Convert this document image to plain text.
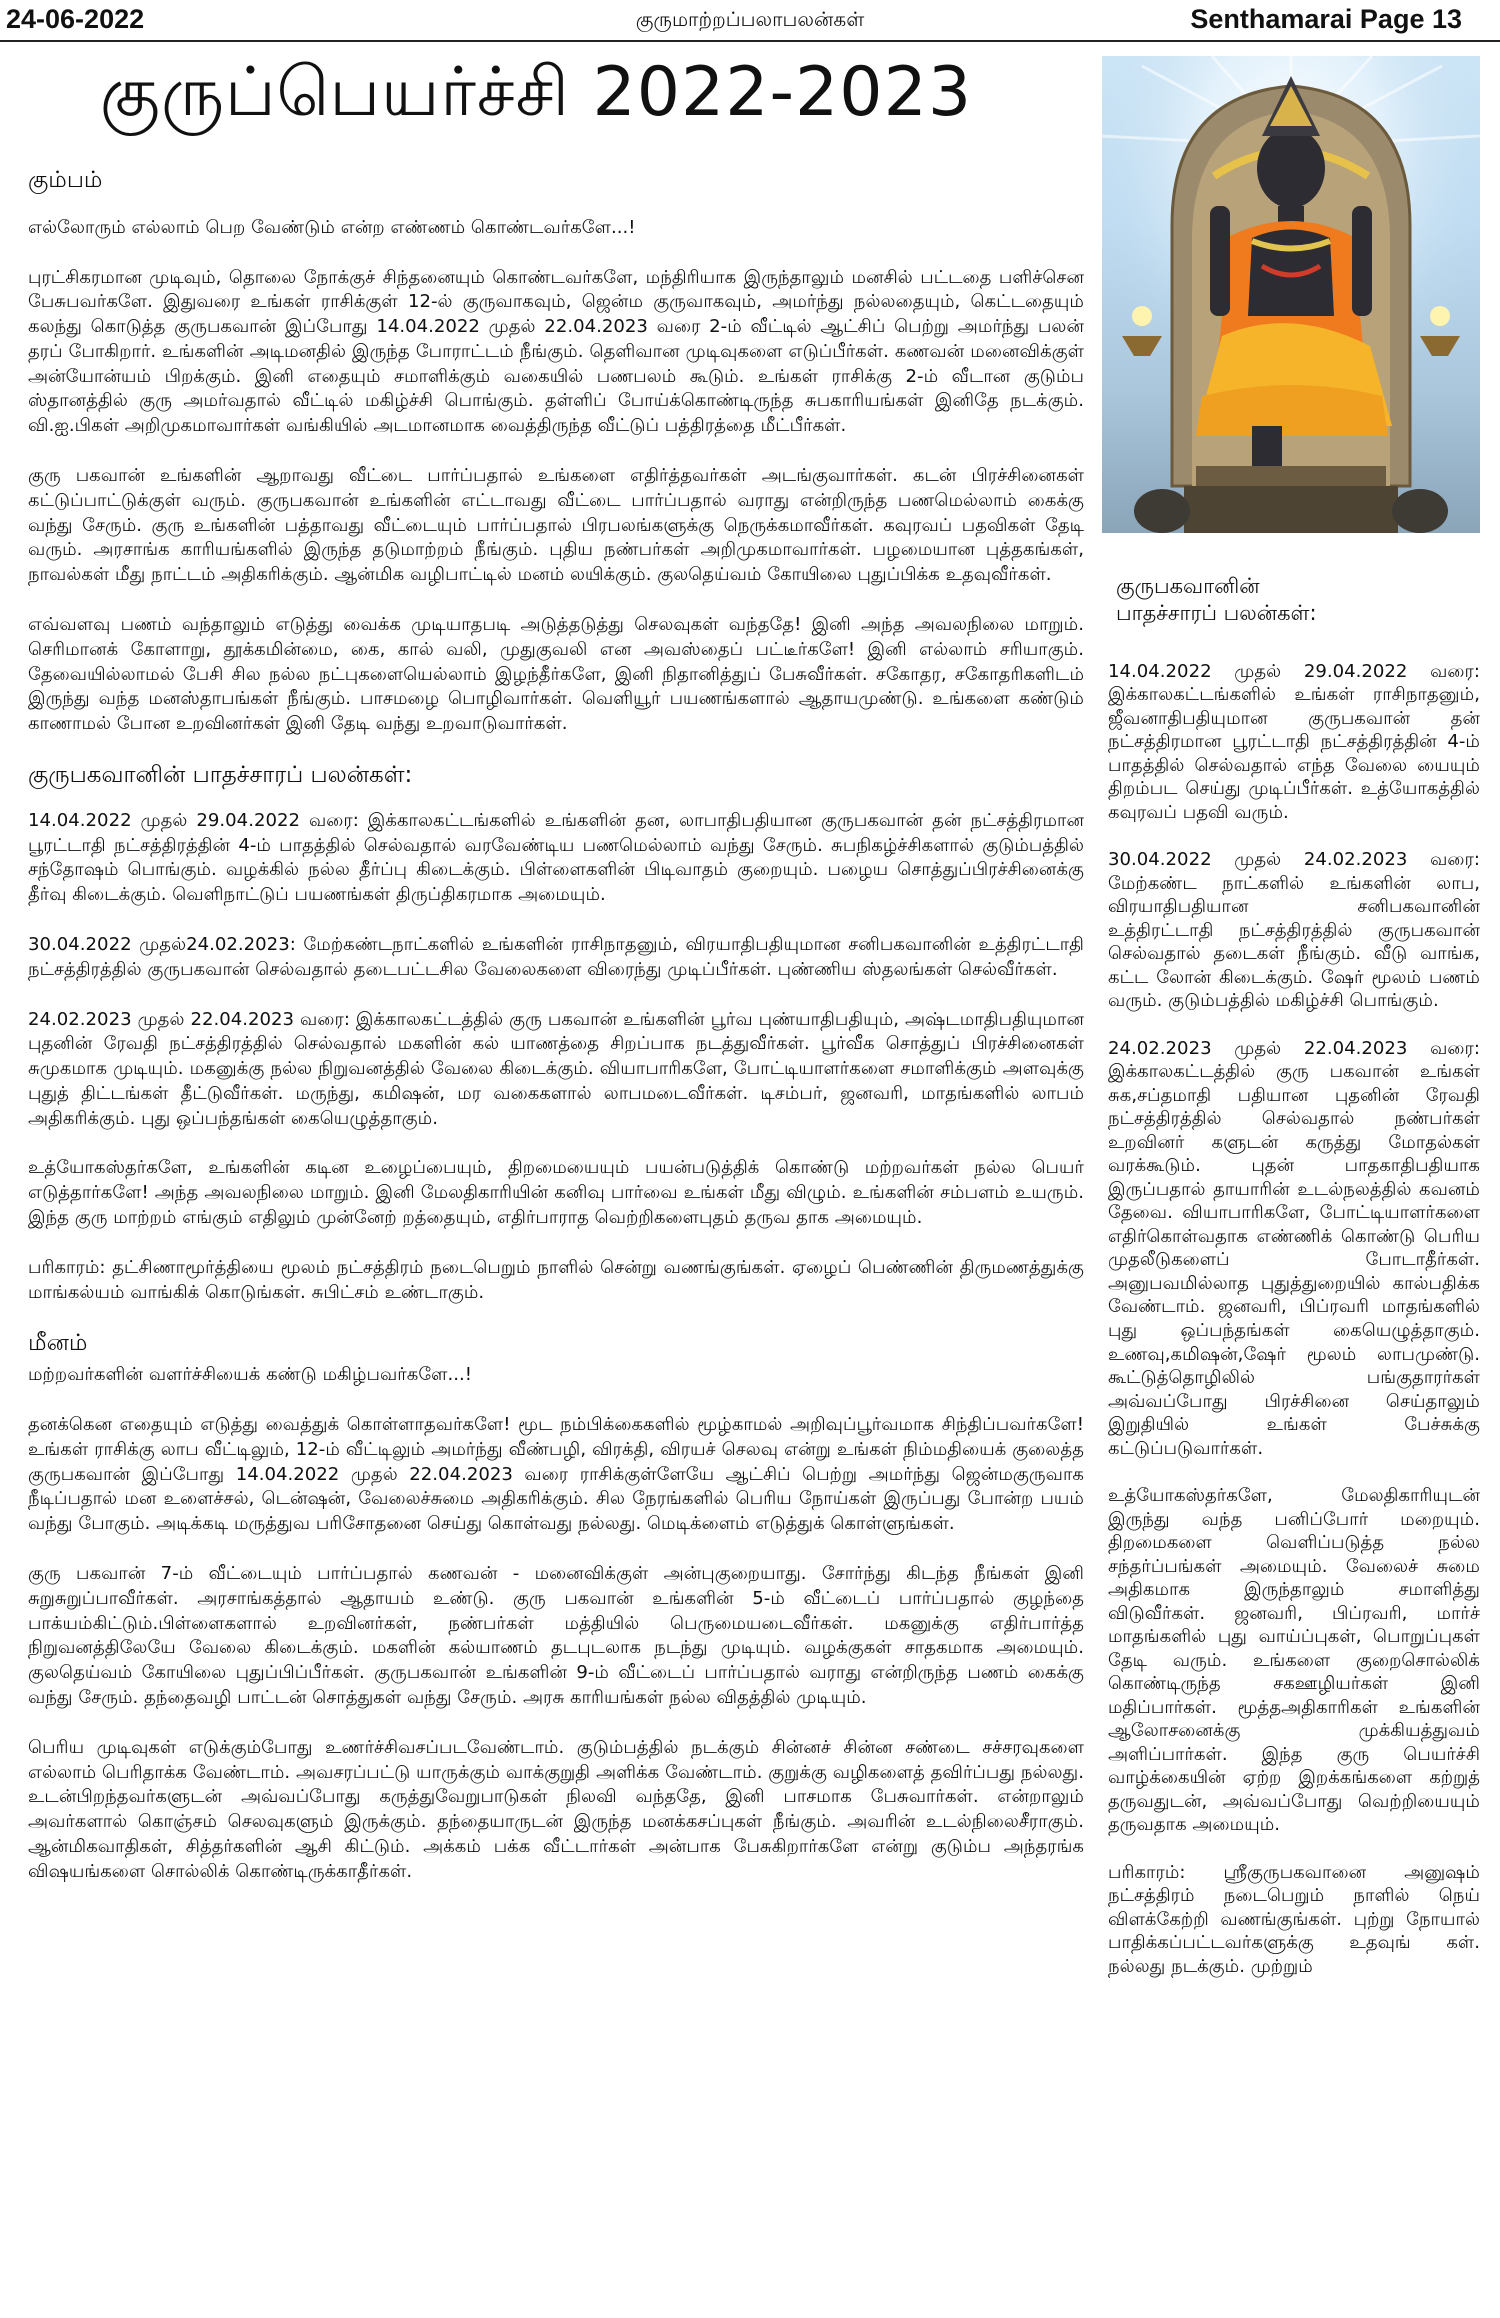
24-06-2022	குருமாற்றப்பலாபலன்கள்	Senthamarai Page 13
குருப்பெயர்ச்சி 2022-2023
கும்பம்

எல்லோரும் எல்லாம் பெற வேண்டும் என்ற எண்ணம் கொண்டவர்களே...!

புரட்சிகரமான முடிவும், தொலை நோக்குச் சிந்தனையும் கொண்டவர்களே, மந்திரியாக இருந்தாலும் மனசில் பட்டதை பளிச்சென பேசுபவர்களே. இதுவரை உங்கள் ராசிக்குள் 12-ல் குருவாகவும், ஜென்ம குருவாகவும், அமர்ந்து நல்லதையும், கெட்டதையும் கலந்து கொடுத்த குருபகவான் இப்போது 14.04.2022 முதல் 22.04.2023 வரை 2-ம் வீட்டில் ஆட்சிப் பெற்று அமர்ந்து பலன் தரப் போகிறார். உங்களின் அடிமனதில் இருந்த போராட்டம் நீங்கும். தெளிவான முடிவுகளை எடுப்பீர்கள். கணவன் மனைவிக்குள் அன்யோன்யம் பிறக்கும். இனி எதையும் சமாளிக்கும் வகையில் பணபலம் கூடும். உங்கள் ராசிக்கு 2-ம் வீடான குடும்ப ஸ்தானத்தில் குரு அமர்வதால் வீட்டில் மகிழ்ச்சி பொங்கும். தள்ளிப் போய்க்கொண்டிருந்த சுபகாரியங்கள் இனிதே நடக்கும். வி.ஐ.பிகள் அறிமுகமாவார்கள் வங்கியில் அடமானமாக வைத்திருந்த வீட்டுப் பத்திரத்தை மீட்பீர்கள்.

குரு பகவான் உங்களின் ஆறாவது வீட்டை பார்ப்பதால் உங்களை எதிர்த்தவர்கள் அடங்குவார்கள். கடன் பிரச்சினைகள் கட்டுப்பாட்டுக்குள் வரும். குருபகவான் உங்களின் எட்டாவது வீட்டை பார்ப்பதால் வராது என்றிருந்த பணமெல்லாம் கைக்கு வந்து சேரும். குரு உங்களின் பத்தாவது வீட்டையும் பார்ப்பதால் பிரபலங்களுக்கு நெருக்கமாவீர்கள். கவுரவப் பதவிகள் தேடி வரும். அரசாங்க காரியங்களில் இருந்த தடுமாற்றம் நீங்கும். புதிய நண்பர்கள் அறிமுகமாவார்கள். பழமையான புத்தகங்கள், நாவல்கள் மீது நாட்டம் அதிகரிக்கும். ஆன்மிக வழிபாட்டில் மனம் லயிக்கும். குலதெய்வம் கோயிலை புதுப்பிக்க உதவுவீர்கள்.

எவ்வளவு பணம் வந்தாலும் எடுத்து வைக்க முடியாதபடி அடுத்தடுத்து செலவுகள் வந்ததே! இனி அந்த அவலநிலை மாறும். செரிமானக் கோளாறு, தூக்கமின்மை, கை, கால் வலி, முதுகுவலி என அவஸ்தைப் பட்டீர்களே! இனி எல்லாம் சரியாகும். தேவையில்லாமல் பேசி சில நல்ல நட்புகளையெல்லாம் இழந்தீர்களே, இனி நிதானித்துப் பேசுவீர்கள். சகோதர, சகோதரிகளிடம் இருந்து வந்த மனஸ்தாபங்கள் நீங்கும். பாசமழை பொழிவார்கள். வெளியூர் பயணங்களால் ஆதாயமுண்டு. உங்களை கண்டும் காணாமல் போன உறவினர்கள் இனி தேடி வந்து உறவாடுவார்கள்.

குருபகவானின் பாதச்சாரப் பலன்கள்:

14.04.2022 முதல் 29.04.2022 வரை: இக்காலகட்டங்களில் உங்களின் தன, லாபாதிபதியான குருபகவான் தன் நட்சத்திரமான பூரட்டாதி நட்சத்திரத்தின் 4-ம் பாதத்தில் செல்வதால் வரவேண்டிய பணமெல்லாம் வந்து சேரும். சுபநிகழ்ச்சிகளால் குடும்பத்தில் சந்தோஷம் பொங்கும். வழக்கில் நல்ல தீர்ப்பு கிடைக்கும். பிள்ளைகளின் பிடிவாதம் குறையும். பழைய சொத்துப்பிரச்சினைக்கு தீர்வு கிடைக்கும். வெளிநாட்டுப் பயணங்கள் திருப்திகரமாக அமையும்.

30.04.2022 முதல்24.02.2023: மேற்கண்டநாட்களில் உங்களின் ராசிநாதனும், விரயாதிபதியுமான சனிபகவானின் உத்திரட்டாதி நட்சத்திரத்தில் குருபகவான் செல்வதால் தடைபட்டசில வேலைகளை விரைந்து முடிப்பீர்கள். புண்ணிய ஸ்தலங்கள் செல்வீர்கள்.

24.02.2023 முதல் 22.04.2023 வரை: இக்காலகட்டத்தில் குரு பகவான் உங்களின் பூர்வ புண்யாதிபதியும், அஷ்டமாதிபதியுமான புதனின் ரேவதி நட்சத்திரத்தில் செல்வதால் மகளின் கல் யாணத்தை சிறப்பாக நடத்துவீர்கள். பூர்வீக சொத்துப் பிரச்சினைகள் சுமுகமாக முடியும். மகனுக்கு நல்ல நிறுவனத்தில் வேலை கிடைக்கும். வியாபாரிகளே, போட்டியாளர்களை சமாளிக்கும் அளவுக்கு புதுத் திட்டங்கள் தீட்டுவீர்கள். மருந்து, கமிஷன், மர வகைகளால் லாபமடைவீர்கள். டிசம்பர், ஜனவரி, மாதங்களில் லாபம் அதிகரிக்கும். புது ஒப்பந்தங்கள் கையெழுத்தாகும்.

உத்யோகஸ்தர்களே, உங்களின் கடின உழைப்பையும், திறமையையும் பயன்படுத்திக் கொண்டு மற்றவர்கள் நல்ல பெயர் எடுத்தார்களே! அந்த அவலநிலை மாறும். இனி மேலதிகாரியின் கனிவு பார்வை உங்கள் மீது விழும். உங்களின் சம்பளம் உயரும். இந்த குரு மாற்றம் எங்கும் எதிலும் முன்னேற் றத்தையும், எதிர்பாராத வெற்றிகளைபுதம் தருவ தாக அமையும்.

பரிகாரம்: தட்சிணாமூர்த்தியை மூலம் நட்சத்திரம் நடைபெறும் நாளில் சென்று வணங்குங்கள். ஏழைப் பெண்ணின் திருமணத்துக்கு மாங்கல்யம் வாங்கிக் கொடுங்கள். சுபிட்சம் உண்டாகும்.

மீனம்

மற்றவர்களின் வளர்ச்சியைக் கண்டு மகிழ்பவர்களே...!

தனக்கென எதையும் எடுத்து வைத்துக் கொள்ளாதவர்களே! மூட நம்பிக்கைகளில் மூழ்காமல் அறிவுப்பூர்வமாக சிந்திப்பவர்களே! உங்கள் ராசிக்கு லாப வீட்டிலும், 12-ம் வீட்டிலும் அமர்ந்து வீண்பழி, விரக்தி, விரயச் செலவு என்று உங்கள் நிம்மதியைக் குலைத்த குருபகவான் இப்போது 14.04.2022 முதல் 22.04.2023 வரை ராசிக்குள்ளேயே ஆட்சிப் பெற்று அமர்ந்து ஜென்மகுருவாக நீடிப்பதால் மன உளைச்சல், டென்ஷன், வேலைச்சுமை அதிகரிக்கும். சில நேரங்களில் பெரிய நோய்கள் இருப்பது போன்ற பயம் வந்து போகும். அடிக்கடி மருத்துவ பரிசோதனை செய்து கொள்வது நல்லது. மெடிக்ளைம் எடுத்துக் கொள்ளுங்கள்.

குரு பகவான் 7-ம் வீட்டையும் பார்ப்பதால் கணவன் - மனைவிக்குள் அன்புகுறையாது. சோர்ந்து கிடந்த நீங்கள் இனி சுறுசுறுப்பாவீர்கள். அரசாங்கத்தால் ஆதாயம் உண்டு. குரு பகவான் உங்களின் 5-ம் வீட்டைப் பார்ப்பதால் குழந்தை பாக்யம்கிட்டும்.பிள்ளைகளால் உறவினர்கள், நண்பர்கள் மத்தியில் பெருமையடைவீர்கள். மகனுக்கு எதிர்பார்த்த நிறுவனத்திலேயே வேலை கிடைக்கும். மகளின் கல்யாணம் தடபுடலாக நடந்து முடியும். வழக்குகள் சாதகமாக அமையும். குலதெய்வம் கோயிலை புதுப்பிப்பீர்கள். குருபகவான் உங்களின் 9-ம் வீட்டைப் பார்ப்பதால் வராது என்றிருந்த பணம் கைக்கு வந்து சேரும். தந்தைவழி பாட்டன் சொத்துகள் வந்து சேரும். அரசு காரியங்கள் நல்ல விதத்தில் முடியும்.

பெரிய முடிவுகள் எடுக்கும்போது உணர்ச்சிவசப்படவேண்டாம். குடும்பத்தில் நடக்கும் சின்னச் சின்ன சண்டை சச்சரவுகளை எல்லாம் பெரிதாக்க வேண்டாம். அவசரப்பட்டு யாருக்கும் வாக்குறுதி அளிக்க வேண்டாம். குறுக்கு வழிகளைத் தவிர்ப்பது நல்லது. உடன்பிறந்தவர்களுடன் அவ்வப்போது கருத்துவேறுபாடுகள் நிலவி வந்ததே, இனி பாசமாக பேசுவார்கள். என்றாலும் அவர்களால் கொஞ்சம் செலவுகளும் இருக்கும். தந்தையாருடன் இருந்த மனக்கசப்புகள் நீங்கும். அவரின் உடல்நிலைசீராகும். ஆன்மிகவாதிகள், சித்தர்களின் ஆசி கிட்டும். அக்கம் பக்க வீட்டார்கள் அன்பாக பேசுகிறார்களே என்று குடும்ப அந்தரங்க விஷயங்களை சொல்லிக் கொண்டிருக்காதீர்கள்.

குருபகவானின்
பாதச்சாரப் பலன்கள்:

14.04.2022 முதல் 29.04.2022 வரை: இக்காலகட்டங்களில் உங்கள் ராசிநாதனும், ஜீவனாதிபதியுமான குருபகவான் தன் நட்சத்திரமான பூரட்டாதி நட்சத்திரத்தின் 4-ம் பாதத்தில் செல்வதால் எந்த வேலை யையும் திறம்பட செய்து முடிப்பீர்கள். உத்யோகத்தில் கவுரவப் பதவி வரும்.

30.04.2022 முதல் 24.02.2023 வரை: மேற்கண்ட நாட்களில் உங்களின் லாப, விரயாதிபதியான சனிபகவானின் உத்திரட்டாதி நட்சத்திரத்தில் குருபகவான் செல்வதால் தடைகள் நீங்கும். வீடு வாங்க, கட்ட லோன் கிடைக்கும். ஷேர் மூலம் பணம் வரும். குடும்பத்தில் மகிழ்ச்சி பொங்கும்.

24.02.2023 முதல் 22.04.2023 வரை: இக்காலகட்டத்தில் குரு பகவான் உங்கள் சுக,சப்தமாதி பதியான புதனின் ரேவதி நட்சத்திரத்தில் செல்வதால் நண்பர்கள் உறவினர் களுடன் கருத்து மோதல்கள் வரக்கூடும். புதன் பாதகாதிபதியாக இருப்பதால் தாயாரின் உடல்நலத்தில் கவனம் தேவை. வியாபாரிகளே, போட்டியாளர்களை எதிர்கொள்வதாக எண்ணிக் கொண்டு பெரிய முதலீடுகளைப் போடாதீர்கள். அனுபவமில்லாத புதுத்துறையில் கால்பதிக்க வேண்டாம். ஜனவரி, பிப்ரவரி மாதங்களில் புது ஒப்பந்தங்கள் கையெழுத்தாகும். உணவு,கமிஷன்,ஷேர் மூலம் லாபமுண்டு. கூட்டுத்தொழிலில் பங்குதாரர்கள் அவ்வப்போது பிரச்சினை செய்தாலும் இறுதியில் உங்கள் பேச்சுக்கு கட்டுப்படுவார்கள்.

உத்யோகஸ்தர்களே, மேலதிகாரியுடன் இருந்து வந்த பனிப்போர் மறையும். திறமைகளை வெளிப்படுத்த நல்ல சந்தர்ப்பங்கள் அமையும். வேலைச் சுமை அதிகமாக இருந்தாலும் சமாளித்து விடுவீர்கள். ஜனவரி, பிப்ரவரி, மார்ச் மாதங்களில் புது வாய்ப்புகள், பொறுப்புகள் தேடி வரும். உங்களை குறைசொல்லிக் கொண்டிருந்த சகஊழியர்கள் இனி மதிப்பார்கள். மூத்தஅதிகாரிகள் உங்களின் ஆலோசனைக்கு முக்கியத்துவம் அளிப்பார்கள். இந்த குரு பெயர்ச்சி வாழ்க்கையின் ஏற்ற இறக்கங்களை கற்றுத் தருவதுடன், அவ்வப்போது வெற்றியையும் தருவதாக அமையும்.

பரிகாரம்: ஸ்ரீகுருபகவானை அனுஷம் நட்சத்திரம் நடைபெறும் நாளில் நெய் விளக்கேற்றி வணங்குங்கள். புற்று நோயால் பாதிக்கப்பட்டவர்களுக்கு உதவுங் கள். நல்லது நடக்கும். முற்றும்
